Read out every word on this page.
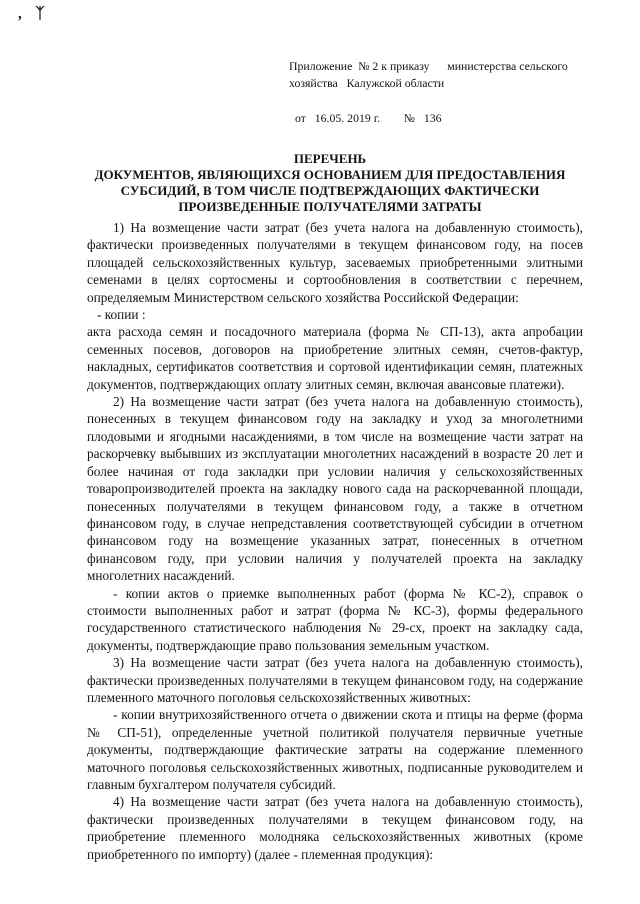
, ᛉ
Приложение  № 2 к приказу      министерства сельского
хозяйства   Калужской области
от   16.05. 2019 г.        №   136
ПЕРЕЧЕНЬ
ДОКУМЕНТОВ, ЯВЛЯЮЩИХСЯ ОСНОВАНИЕМ ДЛЯ ПРЕДОСТАВЛЕНИЯ
СУБСИДИЙ, В ТОМ ЧИСЛЕ ПОДТВЕРЖДАЮЩИХ ФАКТИЧЕСКИ
ПРОИЗВЕДЕННЫЕ ПОЛУЧАТЕЛЯМИ ЗАТРАТЫ

1) На возмещение части затрат (без учета налога на добавленную стоимость), фактически произведенных получателями в текущем финансовом году, на посев площадей сельскохозяйственных культур, засеваемых приобретенными элитными семенами в целях сортосмены и сортообновления в соответствии с перечнем, определяемым Министерством сельского хозяйства Российской Федерации:

- копии :

акта расхода семян и посадочного материала (форма № СП-13), акта апробации семенных посевов, договоров на приобретение элитных семян, счетов-фактур, накладных, сертификатов соответствия и сортовой идентификации семян, платежных документов, подтверждающих оплату элитных семян, включая авансовые платежи).

2) На возмещение части затрат (без учета налога на добавленную стоимость), понесенных в текущем финансовом году на закладку и уход за многолетними плодовыми и ягодными насаждениями, в том числе на возмещение части затрат на раскорчевку выбывших из эксплуатации многолетних насаждений в возрасте 20 лет и более начиная от года закладки при условии наличия у сельскохозяйственных товаропроизводителей проекта на закладку нового сада на раскорчеванной площади, понесенных получателями в текущем финансовом году, а также в отчетном финансовом году, в случае непредставления соответствующей субсидии в отчетном финансовом году на возмещение указанных затрат, понесенных в отчетном финансовом году, при условии наличия у получателей проекта на закладку многолетних насаждений.

- копии актов о приемке выполненных работ (форма № КС-2), справок о стоимости выполненных работ и затрат (форма № КС-3), формы федерального государственного статистического наблюдения № 29-сх, проект на закладку сада, документы, подтверждающие право пользования земельным участком.

3) На возмещение части затрат (без учета налога на добавленную стоимость), фактически произведенных получателями в текущем финансовом году, на содержание племенного маточного поголовья сельскохозяйственных животных:

- копии внутрихозяйственного отчета о движении скота и птицы на ферме (форма № СП-51), определенные учетной политикой получателя первичные учетные документы, подтверждающие фактические затраты на содержание племенного маточного поголовья сельскохозяйственных животных, подписанные руководителем и главным бухгалтером получателя субсидий.

4) На возмещение части затрат (без учета налога на добавленную стоимость), фактически произведенных получателями в текущем финансовом году, на приобретение племенного молодняка сельскохозяйственных животных (кроме приобретенного по импорту) (далее - племенная продукция):
